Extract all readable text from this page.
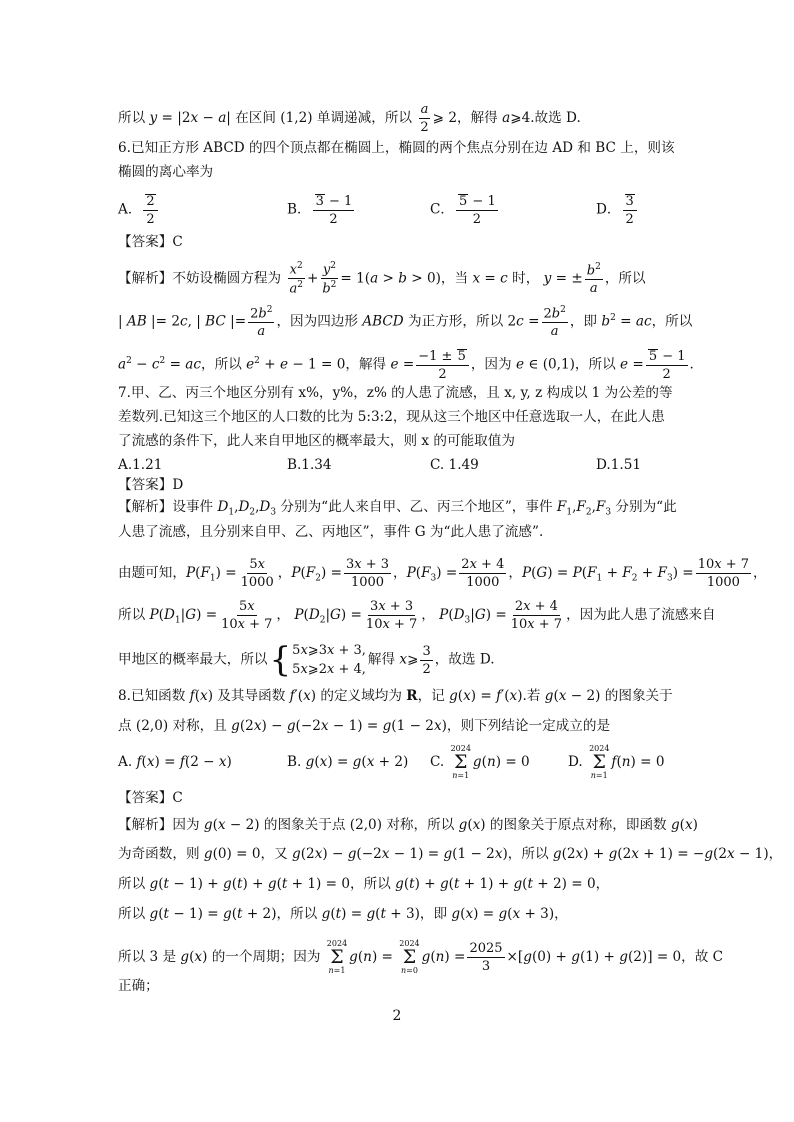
所以 y = |2x − a| 在区间 (1,2) 单调递减，所以 $\frac{a}{2}$ ⩾ 2，解得 a⩾4.故选 D.
6.已知正方形 ABCD 的四个顶点都在椭圆上，椭圆的两个焦点分别在边 AD 和 BC 上，则该
椭圆的离心率为
A． $\frac{2}{2}$	B． $\frac{3 - 1}{2}$	C． $\frac{5 - 1}{2}$	D． $\frac{3}{2}$
【答案】C
【解析】不妨设椭圆方程为 $\frac{x^2}{a^2} + \frac{y^2}{b^2} = 1(a > b > 0)$，当 x = c 时， y = ± $\frac{b^2}{a}$ ，所以
| AB |= 2c, | BC |= $\frac{2b^2}{a}$ ，因为四边形 ABCD 为正方形，所以 $2c = \frac{2b^2}{a}$ ，即 $b^2$ = ac，所以
$a^2 - c^2$ = ac，所以 $e^2 + e - 1 = 0$，解得 $e = \frac{-1 \pm 5}{2}$ ，因为 e ∈ (0,1)，所以 $e = \frac{5 - 1}{2}$ .
7.甲、乙、丙三个地区分别有 x%，y%，z% 的人患了流感，且 x, y, z 构成以 1 为公差的等
差数列.已知这三个地区的人口数的比为 5:3:2，现从这三个地区中任意选取一人，在此人患
了流感的条件下，此人来自甲地区的概率最大，则 x 的可能取值为
A.1.21	B.1.34	C. 1.49	D.1.51
【答案】D
【解析】设事件 $D_1,D_2,D_3$ 分别为“此人来自甲、乙、丙三个地区”，事件 $F_1,F_2,F_3$ 分别为“此
人患了流感，且分别来自甲、乙、丙地区”，事件 G 为“此人患了流感”.
由题可知，$P(F_1) = \frac{5x}{1000}$ ，$P(F_2) = \frac{3x + 3}{1000}$ ，$P(F_3) = \frac{2x + 4}{1000}$ ，$P(G) = P(F_1 + F_2 + F_3) = \frac{10x + 7}{1000}$ ，
所以 $P(D_1|G) = \frac{5x}{10x + 7}$ ， $P(D_2|G) = \frac{3x + 3}{10x + 7}$ ， $P(D_3|G) = \frac{2x + 4}{10x + 7}$ ，因为此人患了流感来自
甲地区的概率最大，所以 { 5x⩾3x + 3,
5x⩾2x + 4,
解得 x⩾ $\frac{3}{2}$ ，故选 D.
8.已知函数 f(x) 及其导函数 f′(x) 的定义域均为 R，记 g(x) = f′(x).若 g(x − 2) 的图象关于
点 (2,0) 对称，且 g(2x) − g(−2x − 1) = g(1 − 2x)，则下列结论一定成立的是
A. f(x) = f(2 − x)	B. g(x) = g(x + 2) C.
2024
Σ
n=1
g(n) = 0	D.
2024
Σ
n=1
f(n) = 0
【答案】C
【解析】因为 g(x − 2) 的图象关于点 (2,0) 对称，所以 g(x) 的图象关于原点对称，即函数 g(x)
为奇函数，则 g(0) = 0，又 g(2x) − g(−2x − 1) = g(1 − 2x)，所以 g(2x) + g(2x + 1) = −g(2x − 1)，
所以 g(t − 1) + g(t) + g(t + 1) = 0，所以 g(t) + g(t + 1) + g(t + 2) = 0，
所以 g(t − 1) = g(t + 2)，所以 g(t) = g(t + 3)，即 g(x) = g(x + 3)，
所以 3 是 g(x) 的一个周期；因为
2024
Σ
n=1
g(n) =
2024
Σ
n=0
$g(n) = \frac{2025}{3} \times[g(0) + g(1) + g(2)] = 0$，故 C
正确；
2
